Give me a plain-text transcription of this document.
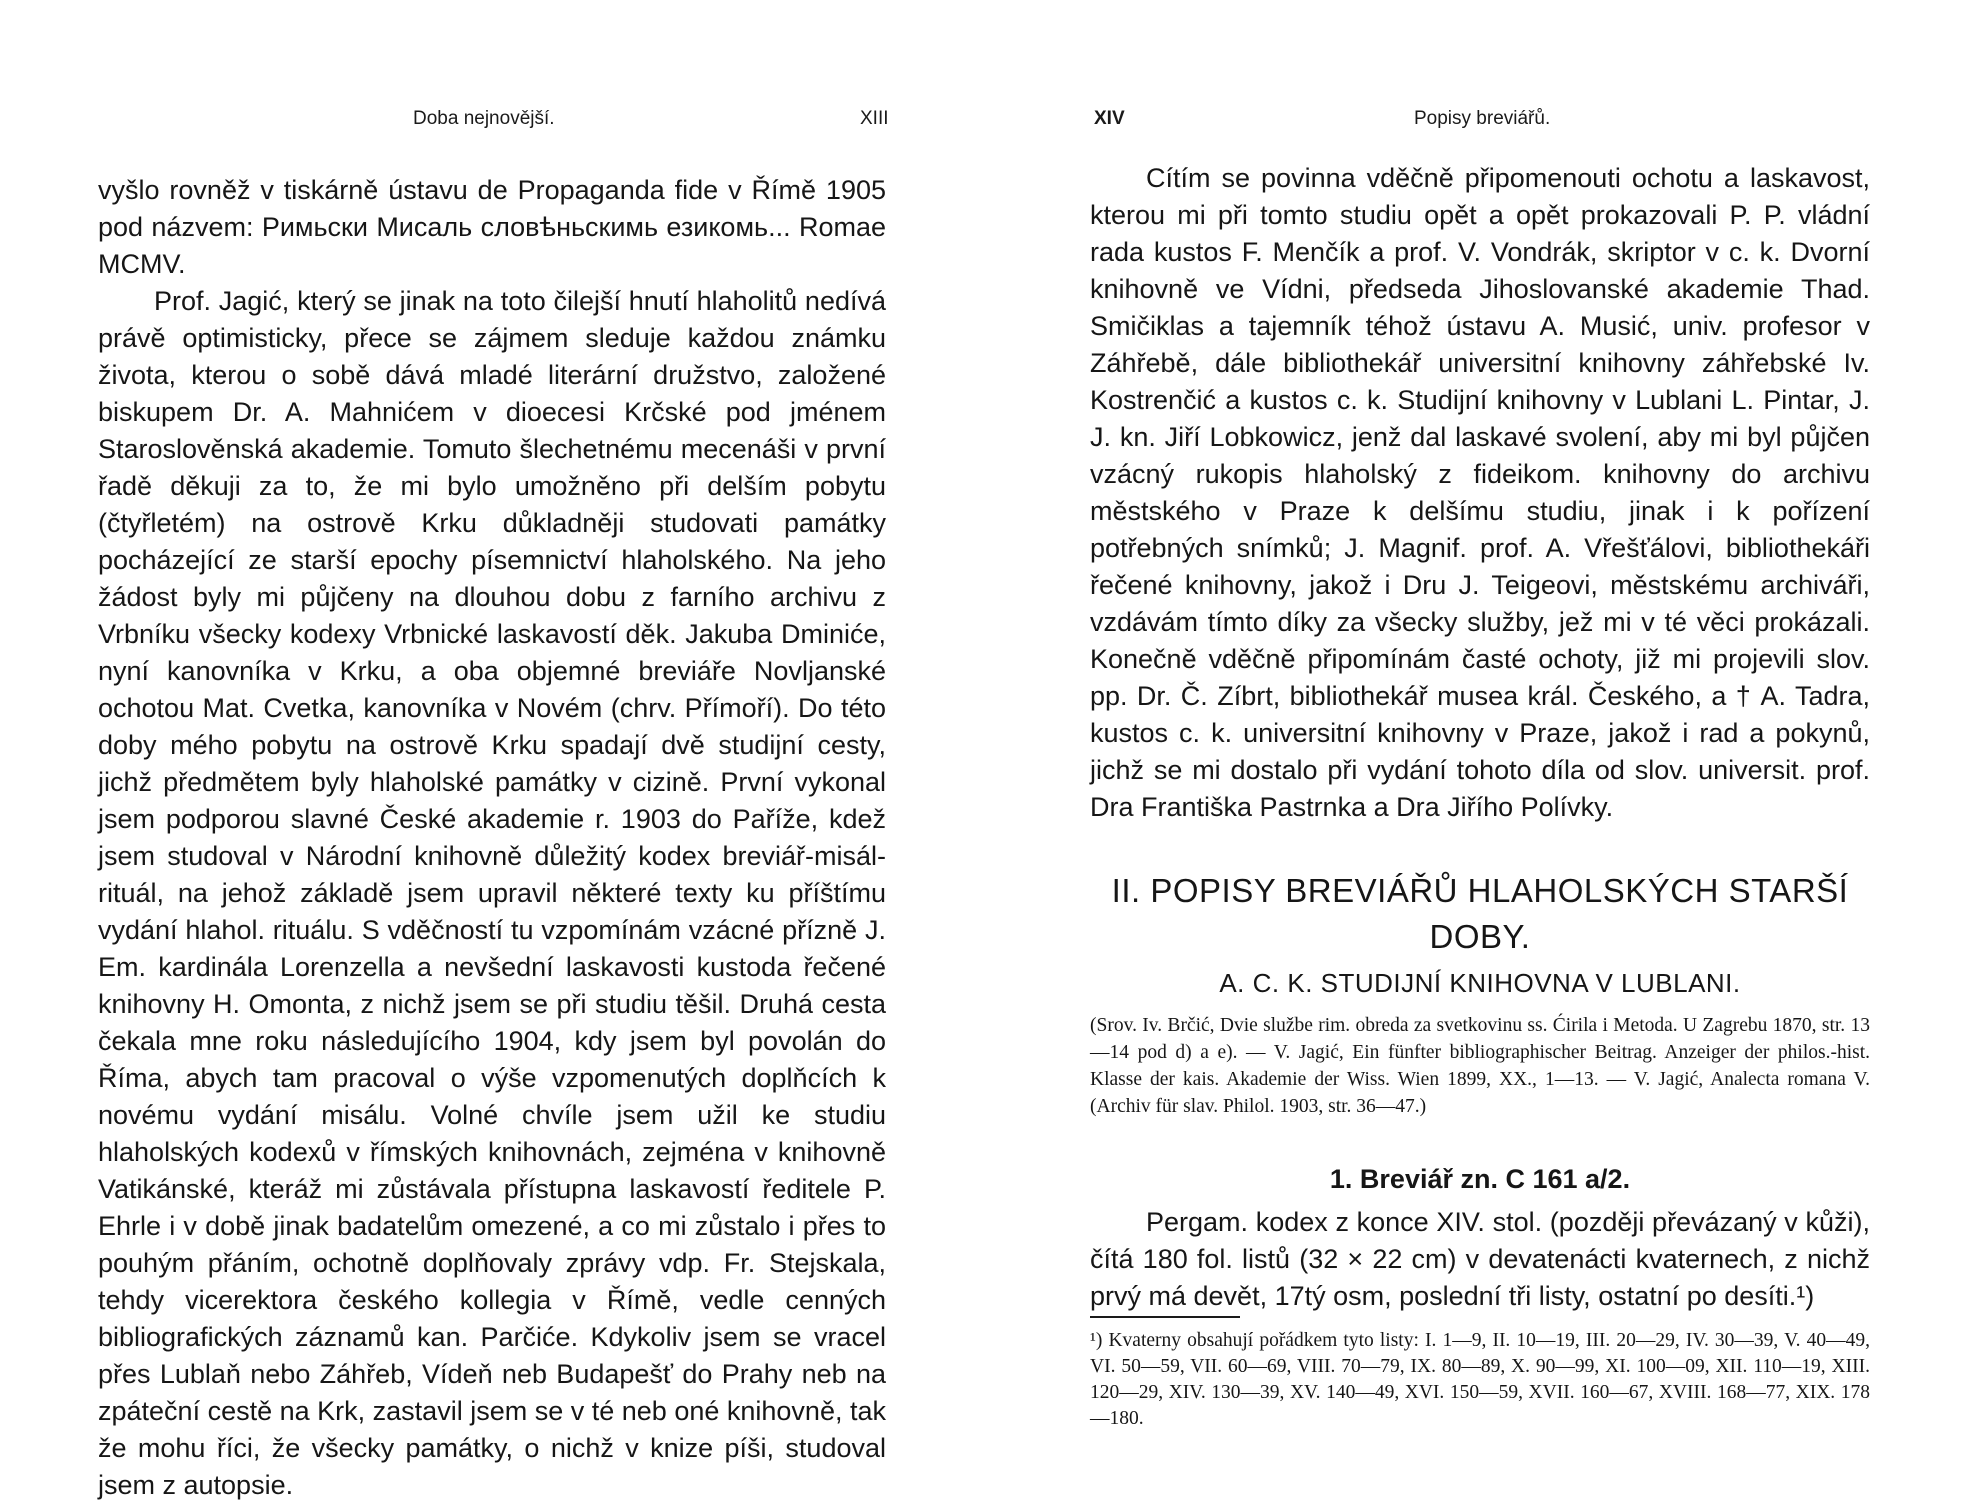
Doba nejnovější.	XIII

vyšlo rovněž v tiskárně ústavu de Propaganda fide v Římě 1905 pod názvem: Римьски Мисаль словѣньскимь езикомь... Romae MCMV.

Prof. Jagić, který se jinak na toto čilejší hnutí hlaholitů nedívá právě optimisticky, přece se zájmem sleduje každou známku života, kterou o sobě dává mladé literární družstvo, založené biskupem Dr. A. Mahnićem v dioecesi Krčské pod jménem Staroslověnská akademie. Tomuto šlechetnému mecenáši v první řadě děkuji za to, že mi bylo umožněno při delším pobytu (čtyřletém) na ostrově Krku důkladněji studovati památky pocházející ze starší epochy písemnictví hlaholského. Na jeho žádost byly mi půjčeny na dlouhou dobu z farního archivu z Vrbníku všecky kodexy Vrbnické laskavostí děk. Jakuba Dminiće, nyní kanovníka v Krku, a oba objemné breviáře Novljanské ochotou Mat. Cvetka, kanovníka v Novém (chrv. Přímoří). Do této doby mého pobytu na ostrově Krku spadají dvě studijní cesty, jichž předmětem byly hlaholské památky v cizině. První vykonal jsem podporou slavné České akademie r. 1903 do Paříže, kdež jsem studoval v Národní knihovně důležitý kodex breviář-misál-rituál, na jehož základě jsem upravil některé texty ku příštímu vydání hlahol. rituálu. S vděčností tu vzpomínám vzácné přízně J. Em. kardinála Lorenzella a nevšední laskavosti kustoda řečené knihovny H. Omonta, z nichž jsem se při studiu těšil. Druhá cesta čekala mne roku následujícího 1904, kdy jsem byl povolán do Říma, abych tam pracoval o výše vzpomenutých doplňcích k novému vydání misálu. Volné chvíle jsem užil ke studiu hlaholských kodexů v římských knihovnách, zejména v knihovně Vatikánské, kteráž mi zůstávala přístupna laskavostí ředitele P. Ehrle i v době jinak badatelům omezené, a co mi zůstalo i přes to pouhým přáním, ochotně doplňovaly zprávy vdp. Fr. Stejskala, tehdy vicerektora českého kollegia v Římě, vedle cenných bibliografických záznamů kan. Parčiće. Kdykoliv jsem se vracel přes Lublaň nebo Záhřeb, Vídeň neb Budapešť do Prahy neb na zpáteční cestě na Krk, zastavil jsem se v té neb oné knihovně, tak že mohu říci, že všecky památky, o nichž v knize píši, studoval jsem z autopsie.

XIV	Popisy breviářů.

Cítím se povinna vděčně připomenouti ochotu a laskavost, kterou mi při tomto studiu opět a opět prokazovali P. P. vládní rada kustos F. Menčík a prof. V. Vondrák, skriptor v c. k. Dvorní knihovně ve Vídni, předseda Jihoslovanské akademie Thad. Smičiklas a tajemník téhož ústavu A. Musić, univ. profesor v Záhřebě, dále bibliothekář universitní knihovny záhřebské Iv. Kostrenčić a kustos c. k. Studijní knihovny v Lublani L. Pintar, J. J. kn. Jiří Lobkowicz, jenž dal laskavé svolení, aby mi byl půjčen vzácný rukopis hlaholský z fideikom. knihovny do archivu městského v Praze k delšímu studiu, jinak i k pořízení potřebných snímků; J. Magnif. prof. A. Vřešťálovi, bibliothekáři řečené knihovny, jakož i Dru J. Teigeovi, městskému archiváři, vzdávám tímto díky za všecky služby, jež mi v té věci prokázali. Konečně vděčně připomínám časté ochoty, již mi projevili slov. pp. Dr. Č. Zíbrt, bibliothekář musea král. Českého, a † A. Tadra, kustos c. k. universitní knihovny v Praze, jakož i rad a pokynů, jichž se mi dostalo při vydání tohoto díla od slov. universit. prof. Dra Františka Pastrnka a Dra Jiřího Polívky.

II. POPISY BREVIÁŘŮ HLAHOLSKÝCH STARŠÍ DOBY.
A. C. K. STUDIJNÍ KNIHOVNA V LUBLANI.

(Srov. Iv. Brčić, Dvie službe rim. obreda za svetkovinu ss. Ćirila i Metoda. U Zagrebu 1870, str. 13—14 pod d) a e). — V. Jagić, Ein fünfter bibliographischer Beitrag. Anzeiger der philos.-hist. Klasse der kais. Akademie der Wiss. Wien 1899, XX., 1—13. — V. Jagić, Analecta romana V. (Archiv für slav. Philol. 1903, str. 36—47.)

1. Breviář zn. C 161 a/2.

Pergam. kodex z konce XIV. stol. (později převázaný v kůži), čítá 180 fol. listů (32 × 22 cm) v devatenácti kvaternech, z nichž prvý má devět, 17tý osm, poslední tři listy, ostatní po desíti.¹)

¹) Kvaterny obsahují pořádkem tyto listy: I. 1—9, II. 10—19, III. 20—29, IV. 30—39, V. 40—49, VI. 50—59, VII. 60—69, VIII. 70—79, IX. 80—89, X. 90—99, XI. 100—09, XII. 110—19, XIII. 120—29, XIV. 130—39, XV. 140—49, XVI. 150—59, XVII. 160—67, XVIII. 168—77, XIX. 178—180.
